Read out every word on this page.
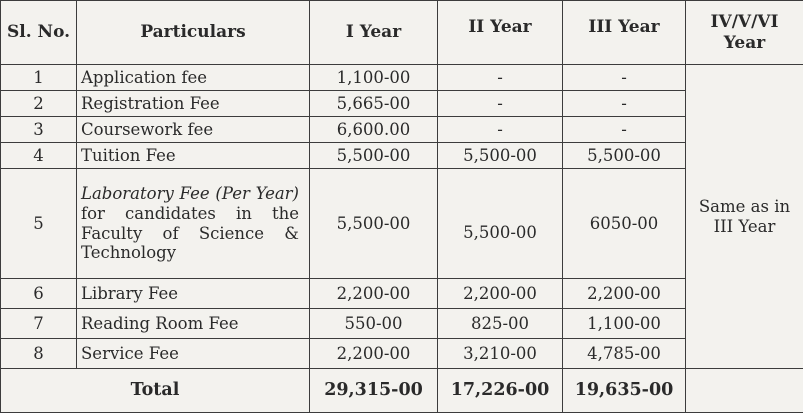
Sl. No.	Particulars	I Year	II Year	III Year	IV/V/VI
Year

1	Application fee	1,100-00	-	-	Same as in
III Year

2	Registration Fee	5,665-00	-	-	
3	Coursework fee	6,600.00	-	-	
4	Tuition Fee	5,500-00	5,500-00	5,500-00	
5	Laboratory Fee (Per Year) for candidates in the Faculty of Science & Technology	5,500-00	5,500-00	6050-00	
6	Library Fee	2,200-00	2,200-00	2,200-00	
7	Reading Room Fee	550-00	825-00	1,100-00	
8	Service Fee	2,200-00	3,210-00	4,785-00	
Total		29,315-00	17,226-00	19,635-00	
